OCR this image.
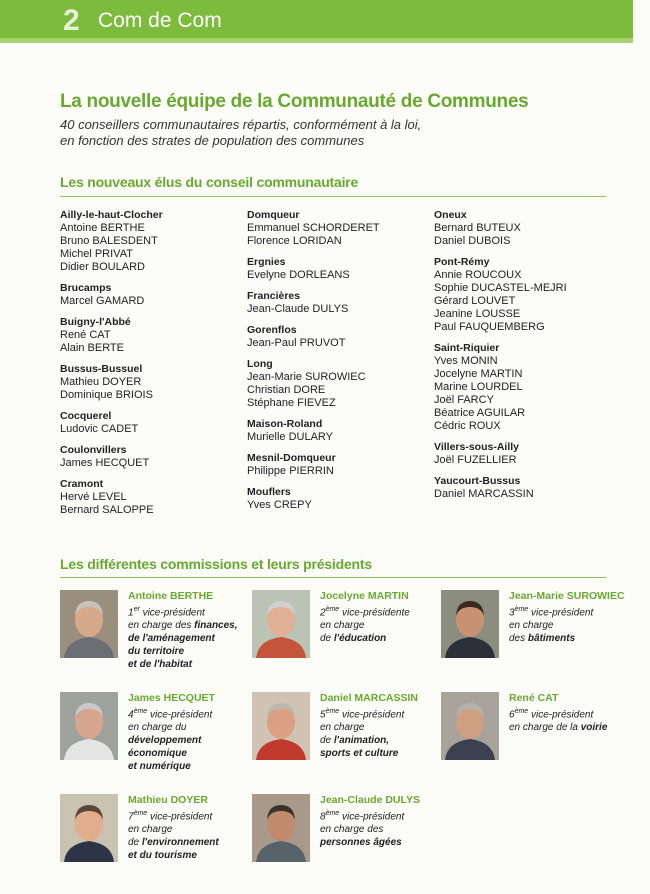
2 Com de Com
La nouvelle équipe de la Communauté de Communes
40 conseillers communautaires répartis, conformément à la loi,
en fonction des strates de population des communes
Les nouveaux élus du conseil communautaire
Ailly-le-haut-Clocher
Antoine BERTHE
Bruno BALESDENT
Michel PRIVAT
Didier BOULARD
Brucamps
Marcel GAMARD
Buigny-l'Abbé
René CAT
Alain BERTE
Bussus-Bussuel
Mathieu DOYER
Dominique BRIOIS
Cocquerel
Ludovic CADET
Coulonvillers
James HECQUET
Cramont
Hervé LEVEL
Bernard SALOPPE
Domqueur
Emmanuel SCHORDERET
Florence LORIDAN
Ergnies
Evelyne DORLEANS
Francières
Jean-Claude DULYS
Gorenflos
Jean-Paul PRUVOT
Long
Jean-Marie SUROWIEC
Christian DORE
Stéphane FIEVEZ
Maison-Roland
Murielle DULARY
Mesnil-Domqueur
Philippe PIERRIN
Mouflers
Yves CREPY
Oneux
Bernard BUTEUX
Daniel DUBOIS
Pont-Rémy
Annie ROUCOUX
Sophie DUCASTEL-MEJRI
Gérard LOUVET
Jeanine LOUSSE
Paul FAUQUEMBERG
Saint-Riquier
Yves MONIN
Jocelyne MARTIN
Marine LOURDEL
Joël FARCY
Béatrice AGUILAR
Cédric ROUX
Villers-sous-Ailly
Joël FUZELLIER
Yaucourt-Bussus
Daniel MARCASSIN
Les différentes commissions et leurs présidents
Antoine BERTHE
1er vice-président
en charge des finances,
de l'aménagement
du territoire
et de l'habitat
Jocelyne MARTIN
2ème vice-présidente
en charge
de l'éducation
Jean-Marie SUROWIEC
3ème vice-président
en charge
des bâtiments
James HECQUET
4ème vice-président
en charge du
développement
économique
et numérique
Daniel MARCASSIN
5ème vice-président
en charge
de l'animation,
sports et culture
René CAT
6ème vice-président
en charge de la voirie
Mathieu DOYER
7ème vice-président
en charge
de l'environnement
et du tourisme
Jean-Claude DULYS
8ème vice-président
en charge des
personnes âgées
